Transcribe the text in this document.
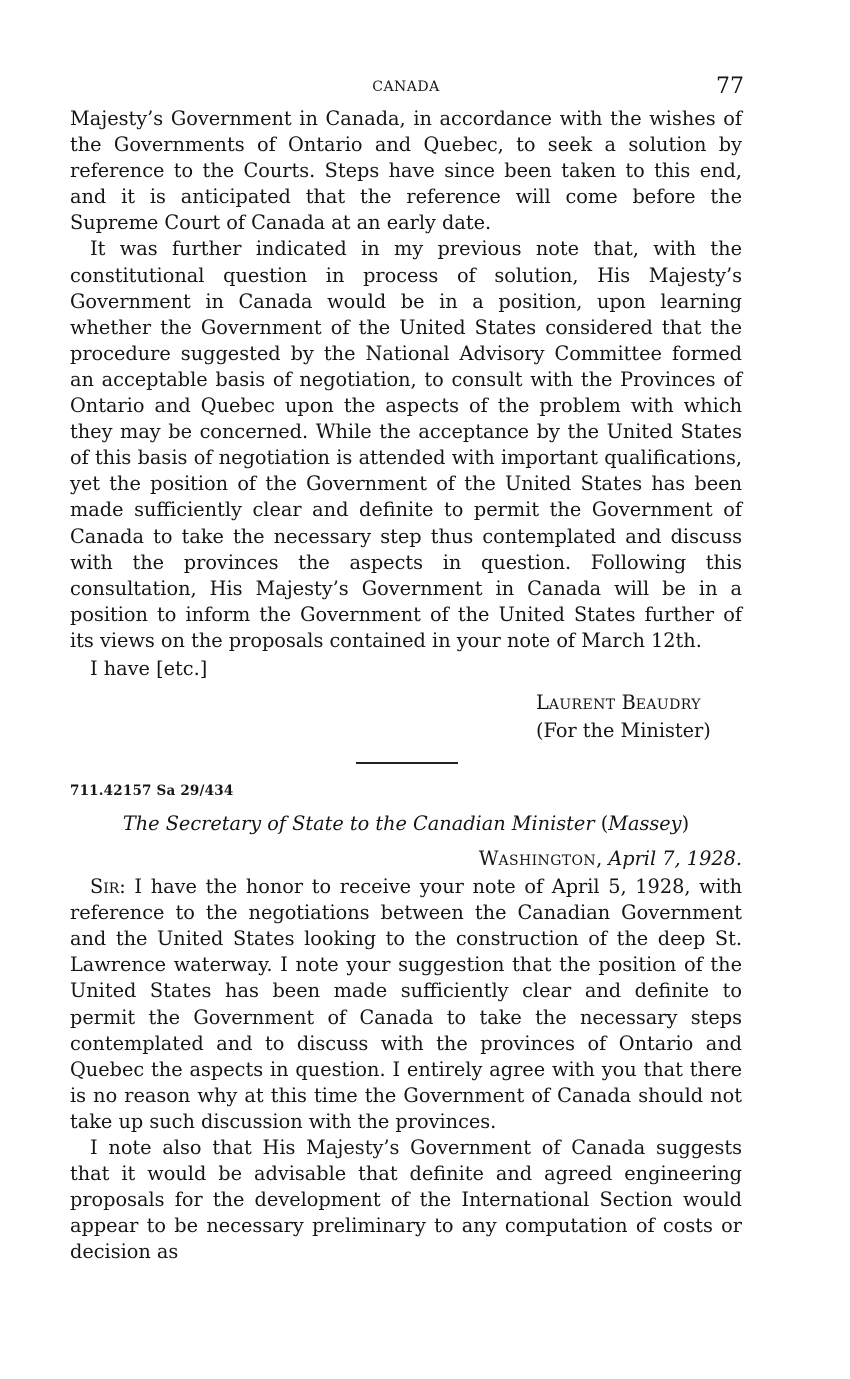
CANADA	77

Majesty’s Government in Canada, in accordance with the wishes of the Governments of Ontario and Quebec, to seek a solution by reference to the Courts. Steps have since been taken to this end, and it is anticipated that the reference will come before the Supreme Court of Canada at an early date.

It was further indicated in my previous note that, with the constitutional question in process of solution, His Majesty’s Government in Canada would be in a position, upon learning whether the Government of the United States considered that the procedure suggested by the National Advisory Committee formed an acceptable basis of negotiation, to consult with the Provinces of Ontario and Quebec upon the aspects of the problem with which they may be concerned. While the acceptance by the United States of this basis of negotiation is attended with important qualifications, yet the position of the Government of the United States has been made sufficiently clear and definite to permit the Government of Canada to take the necessary step thus contemplated and discuss with the provinces the aspects in question. Following this consultation, His Majesty’s Government in Canada will be in a position to inform the Government of the United States further of its views on the proposals contained in your note of March 12th.

I have [etc.]

LAURENT BEAUDRY
(For the Minister)
711.42157 Sa 29/434
The Secretary of State to the Canadian Minister (Massey)
WASHINGTON, April 7, 1928.

Sir: I have the honor to receive your note of April 5, 1928, with reference to the negotiations between the Canadian Government and the United States looking to the construction of the deep St. Lawrence waterway. I note your suggestion that the position of the United States has been made sufficiently clear and definite to permit the Government of Canada to take the necessary steps contemplated and to discuss with the provinces of Ontario and Quebec the aspects in question. I entirely agree with you that there is no reason why at this time the Government of Canada should not take up such discussion with the provinces.

I note also that His Majesty’s Government of Canada suggests that it would be advisable that definite and agreed engineering proposals for the development of the International Section would appear to be necessary preliminary to any computation of costs or decision as
